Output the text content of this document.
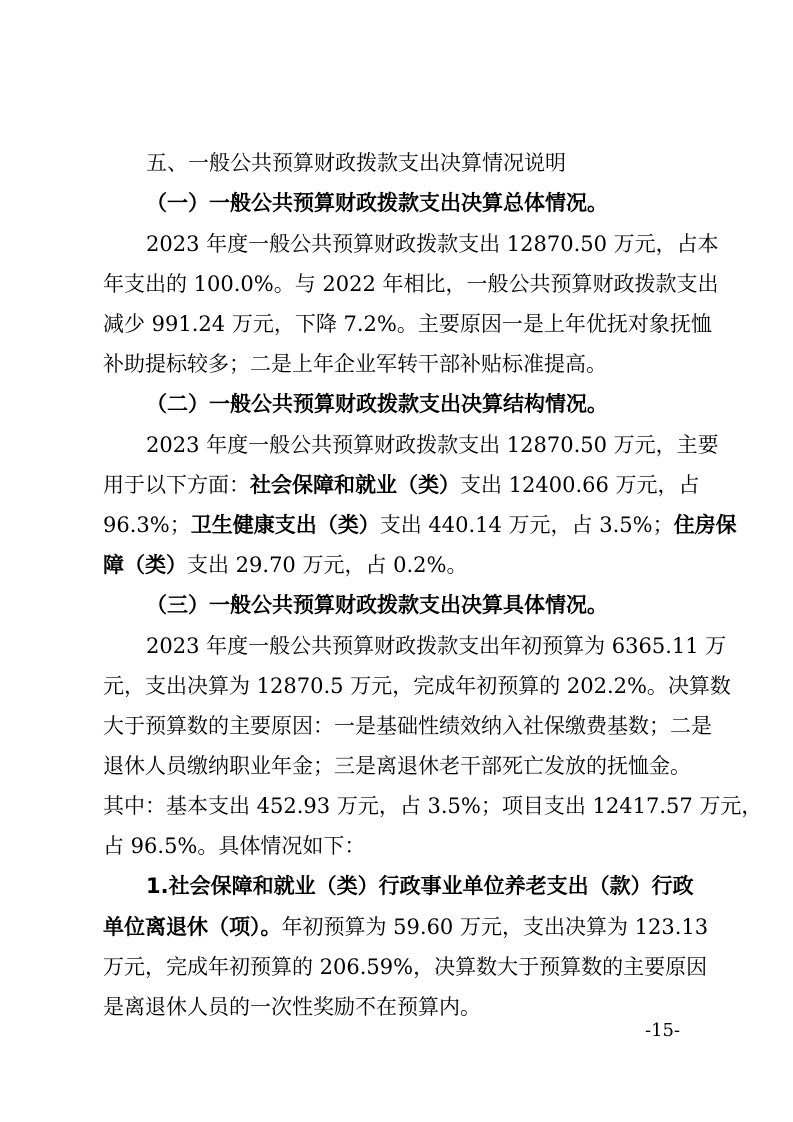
五、一般公共预算财政拨款支出决算情况说明
（一）一般公共预算财政拨款支出决算总体情况。
2023 年度一般公共预算财政拨款支出 12870.50 万元，占本
年支出的 100.0%。与 2022 年相比，一般公共预算财政拨款支出
减少 991.24 万元，下降 7.2%。主要原因一是上年优抚对象抚恤
补助提标较多；二是上年企业军转干部补贴标准提高。
（二）一般公共预算财政拨款支出决算结构情况。
2023 年度一般公共预算财政拨款支出 12870.50 万元，主要
用于以下方面：社会保障和就业（类）支出 12400.66 万元，占
96.3%；卫生健康支出（类）支出 440.14 万元，占 3.5%；住房保
障（类）支出 29.70 万元，占 0.2%。
（三）一般公共预算财政拨款支出决算具体情况。
2023 年度一般公共预算财政拨款支出年初预算为 6365.11 万
元，支出决算为 12870.5 万元，完成年初预算的 202.2%。决算数
大于预算数的主要原因：一是基础性绩效纳入社保缴费基数；二是
退休人员缴纳职业年金；三是离退休老干部死亡发放的抚恤金。
其中：基本支出 452.93 万元，占 3.5%；项目支出 12417.57 万元，
占 96.5%。具体情况如下：
1.社会保障和就业（类）行政事业单位养老支出（款）行政
单位离退休（项）。年初预算为 59.60 万元，支出决算为 123.13
万元，完成年初预算的 206.59%，决算数大于预算数的主要原因
是离退休人员的一次性奖励不在预算内。
-15-
